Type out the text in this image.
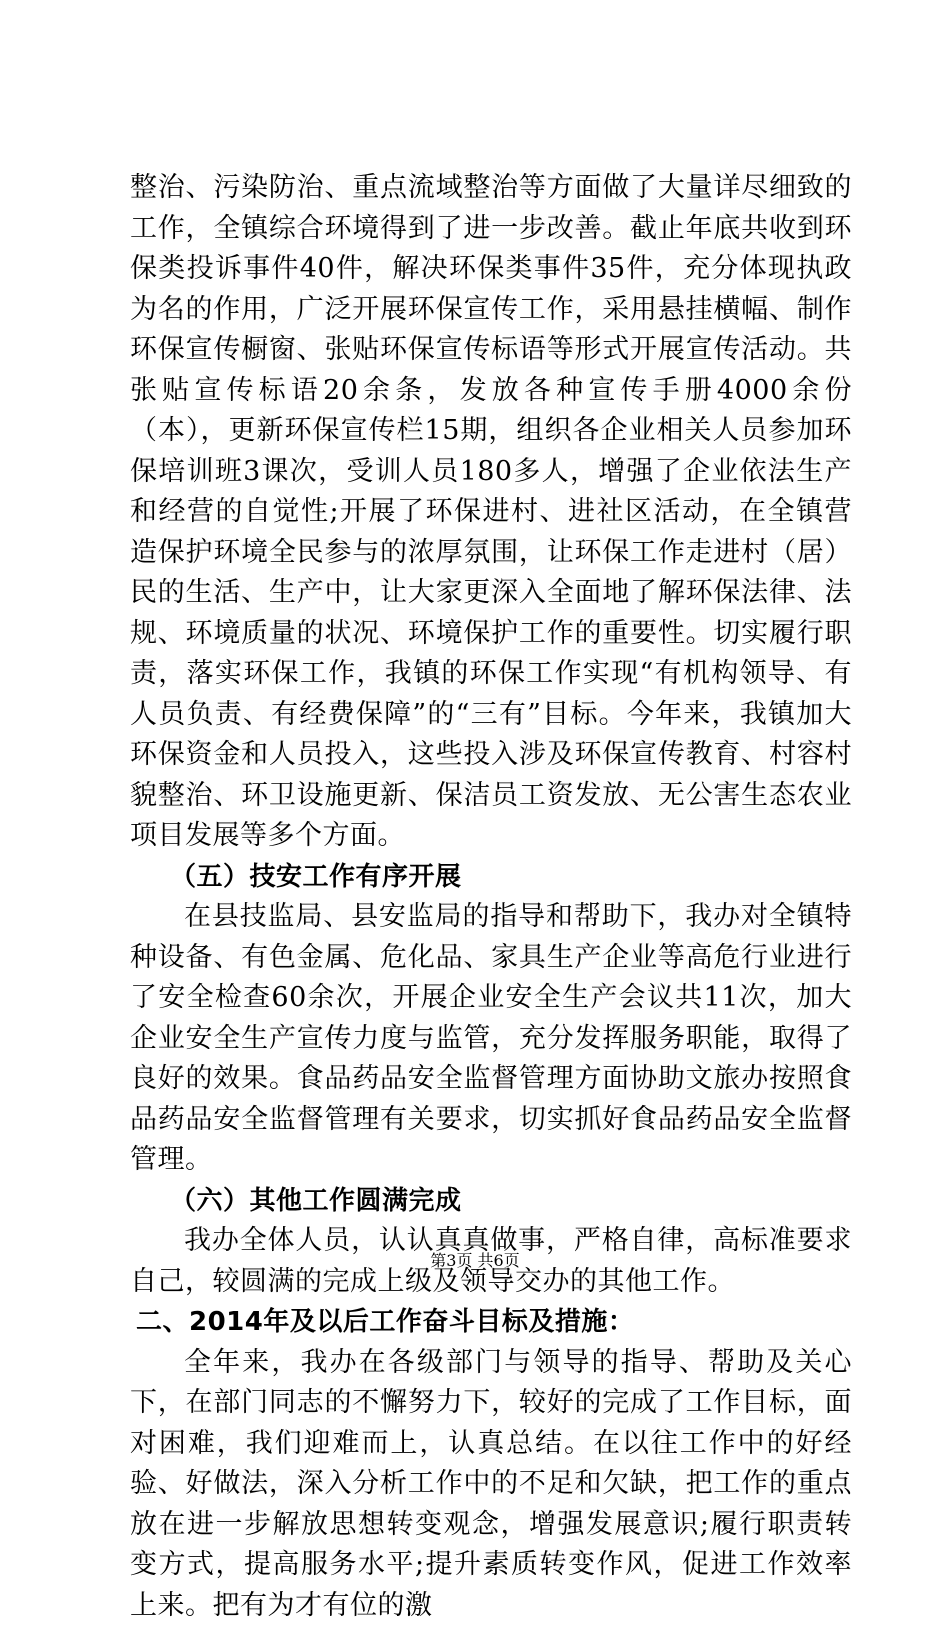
整治、污染防治、重点流域整治等方面做了大量详尽细致的工作，全镇综合环境得到了进一步改善。截止年底共收到环保类投诉事件40件，解决环保类事件35件，充分体现执政为名的作用，广泛开展环保宣传工作，采用悬挂横幅、制作环保宣传橱窗、张贴环保宣传标语等形式开展宣传活动。共张贴宣传标语20余条，发放各种宣传手册4000余份（本），更新环保宣传栏15期，组织各企业相关人员参加环保培训班3课次，受训人员180多人，增强了企业依法生产和经营的自觉性;开展了环保进村、进社区活动，在全镇营造保护环境全民参与的浓厚氛围，让环保工作走进村（居）民的生活、生产中，让大家更深入全面地了解环保法律、法规、环境质量的状况、环境保护工作的重要性。切实履行职责，落实环保工作，我镇的环保工作实现“有机构领导、有人员负责、有经费保障”的“三有”目标。今年来，我镇加大环保资金和人员投入，这些投入涉及环保宣传教育、村容村貌整治、环卫设施更新、保洁员工资发放、无公害生态农业项目发展等多个方面。

（五）技安工作有序开展

在县技监局、县安监局的指导和帮助下，我办对全镇特种设备、有色金属、危化品、家具生产企业等高危行业进行了安全检查60余次，开展企业安全生产会议共11次，加大企业安全生产宣传力度与监管，充分发挥服务职能，取得了良好的效果。食品药品安全监督管理方面协助文旅办按照食品药品安全监督管理有关要求，切实抓好食品药品安全监督管理。

（六）其他工作圆满完成

我办全体人员，认认真真做事，严格自律，高标准要求自己，较圆满的完成上级及领导交办的其他工作。

二、2014年及以后工作奋斗目标及措施：

全年来，我办在各级部门与领导的指导、帮助及关心下，在部门同志的不懈努力下，较好的完成了工作目标，面对困难，我们迎难而上，认真总结。在以往工作中的好经验、好做法，深入分析工作中的不足和欠缺，把工作的重点放在进一步解放思想转变观念，增强发展意识;履行职责转变方式，提高服务水平;提升素质转变作风，促进工作效率上来。把有为才有位的激

第3页 共6页
